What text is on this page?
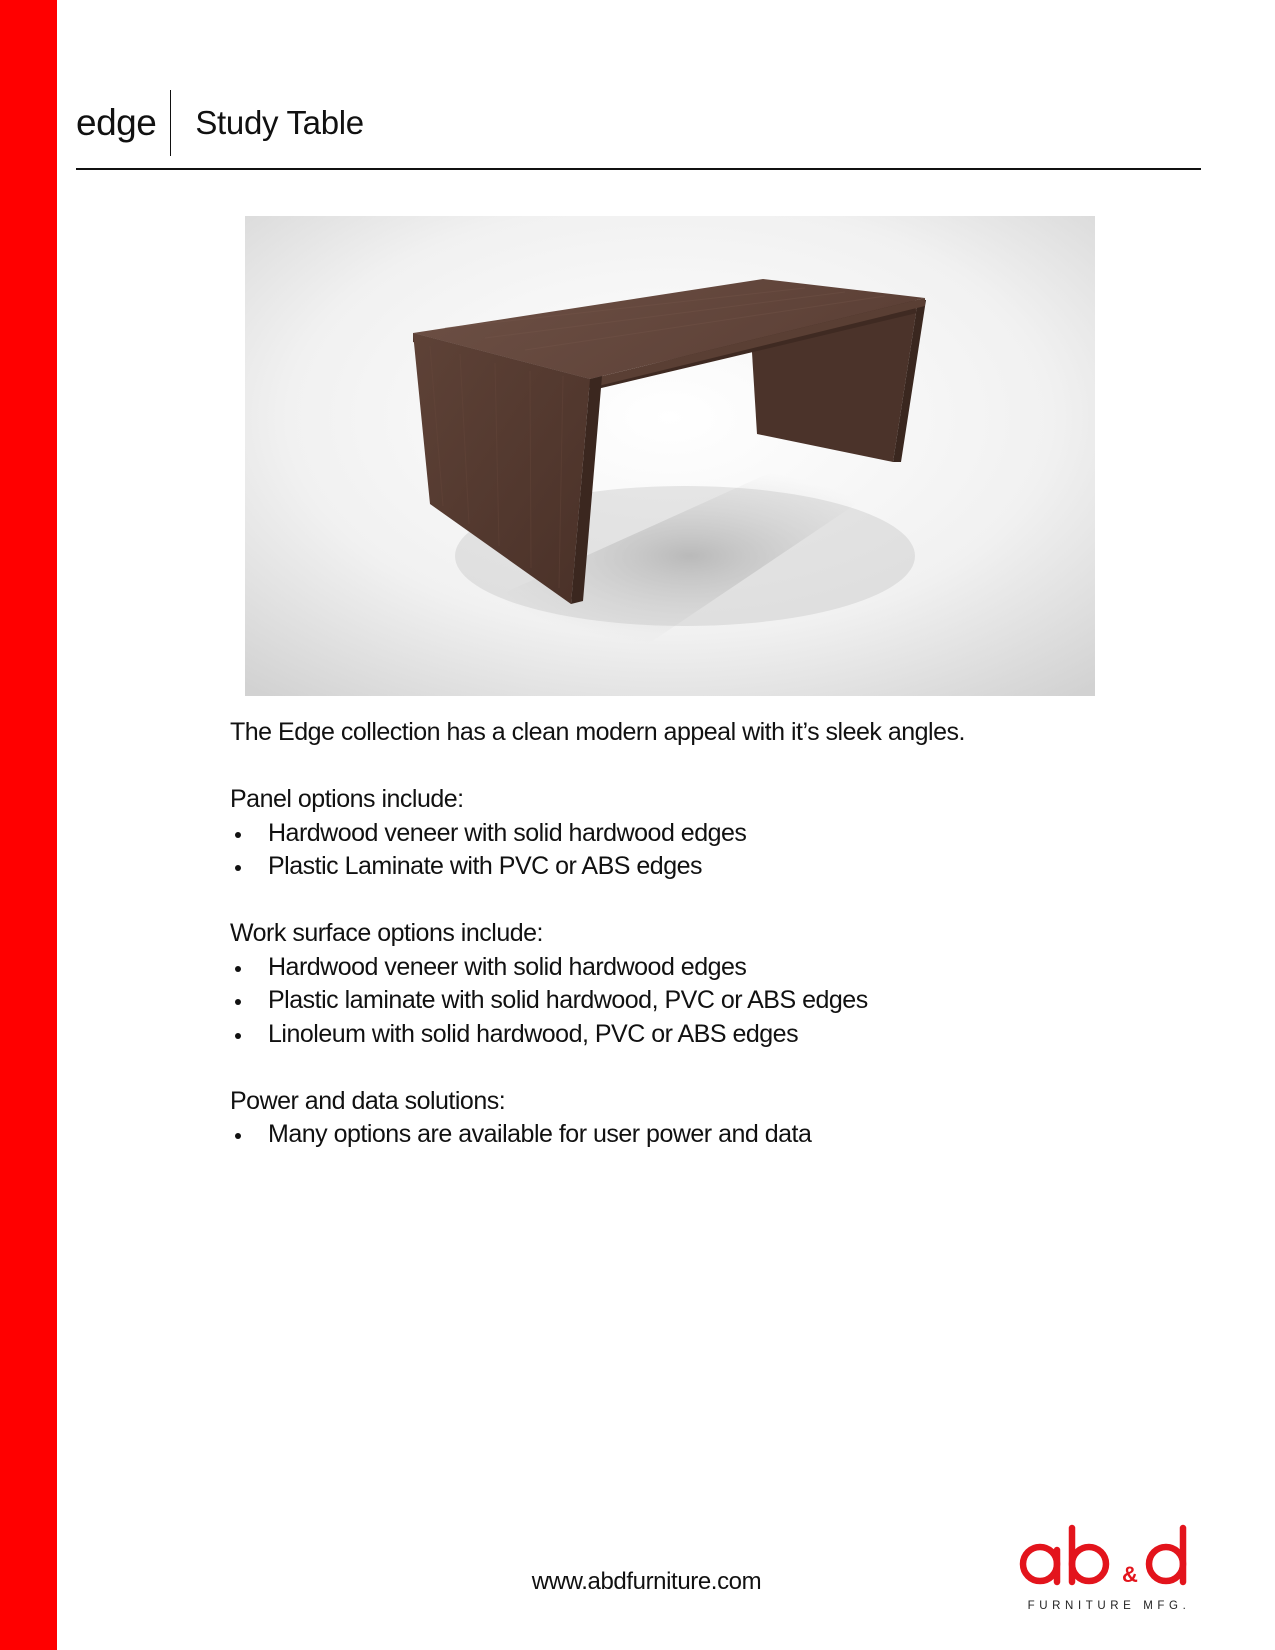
edge	Study Table

The Edge collection has a clean modern appeal with it’s sleek angles.

Panel options include:

Hardwood veneer with solid hardwood edges
Plastic Laminate with PVC or ABS edges

Work surface options include:

Hardwood veneer with solid hardwood edges
Plastic laminate with solid hardwood, PVC or ABS edges
Linoleum with solid hardwood, PVC or ABS edges

Power and data solutions:

Many options are available for user power and data
www.abdfurniture.com	&
FURNITURE MFG.
